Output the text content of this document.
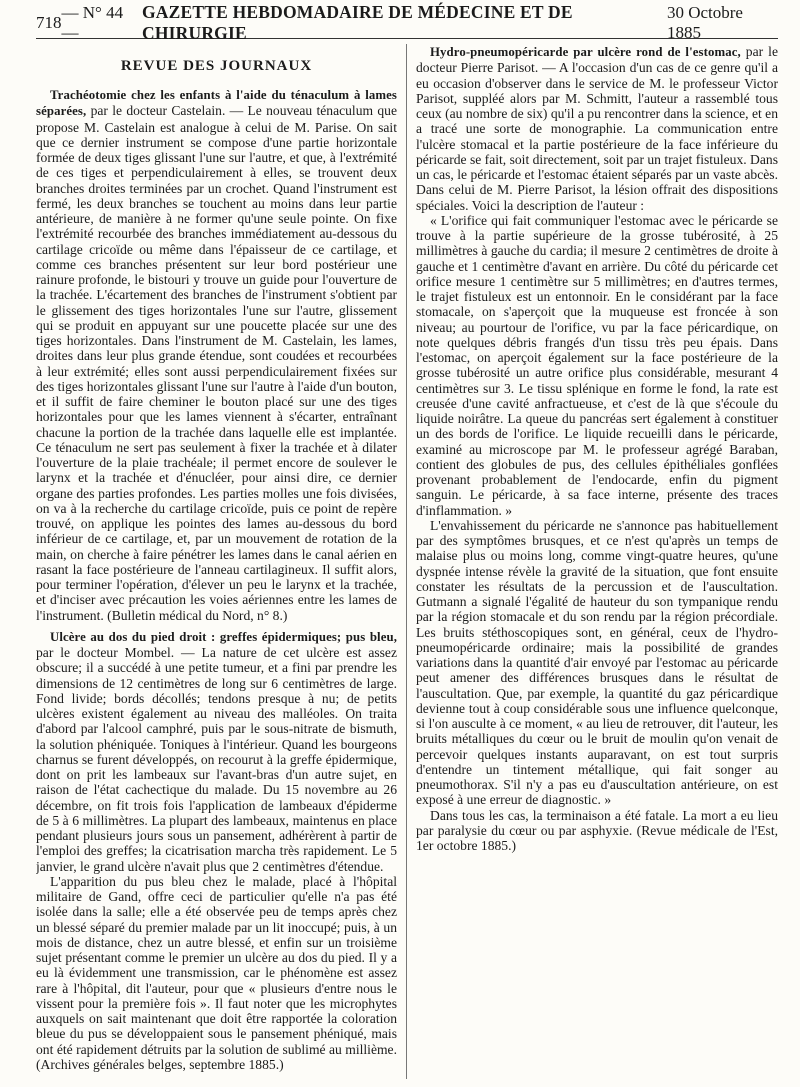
718
— N° 44 —
GAZETTE HEBDOMADAIRE DE MÉDECINE ET DE CHIRURGIE
30 Octobre 1885
REVUE DES JOURNAUX

Trachéotomie chez les enfants à l'aide du ténaculum à lames séparées, par le docteur Castelain. — Le nouveau ténaculum que propose M. Castelain est analogue à celui de M. Parise. On sait que ce dernier instrument se compose d'une partie horizontale formée de deux tiges glissant l'une sur l'autre, et que, à l'extrémité de ces tiges et perpendiculairement à elles, se trouvent deux branches droites terminées par un crochet. Quand l'instrument est fermé, les deux branches se touchent au moins dans leur partie antérieure, de manière à ne former qu'une seule pointe. On fixe l'extrémité recourbée des branches immédiatement au-dessous du cartilage cricoïde ou même dans l'épaisseur de ce cartilage, et comme ces branches présentent sur leur bord postérieur une rainure profonde, le bistouri y trouve un guide pour l'ouverture de la trachée. L'écartement des branches de l'instrument s'obtient par le glissement des tiges horizontales l'une sur l'autre, glissement qui se produit en appuyant sur une poucette placée sur une des tiges horizontales. Dans l'instrument de M. Castelain, les lames, droites dans leur plus grande étendue, sont coudées et recourbées à leur extrémité; elles sont aussi perpendiculairement fixées sur des tiges horizontales glissant l'une sur l'autre à l'aide d'un bouton, et il suffit de faire cheminer le bouton placé sur une des tiges horizontales pour que les lames viennent à s'écarter, entraînant chacune la portion de la trachée dans laquelle elle est implantée. Ce ténaculum ne sert pas seulement à fixer la trachée et à dilater l'ouverture de la plaie trachéale; il permet encore de soulever le larynx et la trachée et d'énucléer, pour ainsi dire, ce dernier organe des parties profondes. Les parties molles une fois divisées, on va à la recherche du cartilage cricoïde, puis ce point de repère trouvé, on applique les pointes des lames au-dessous du bord inférieur de ce cartilage, et, par un mouvement de rotation de la main, on cherche à faire pénétrer les lames dans le canal aérien en rasant la face postérieure de l'anneau cartilagineux. Il suffit alors, pour terminer l'opération, d'élever un peu le larynx et la trachée, et d'inciser avec précaution les voies aériennes entre les lames de l'instrument. (Bulletin médical du Nord, n° 8.)

Ulcère au dos du pied droit : greffes épidermiques; pus bleu, par le docteur Mombel. — La nature de cet ulcère est assez obscure; il a succédé à une petite tumeur, et a fini par prendre les dimensions de 12 centimètres de long sur 6 centimètres de large. Fond livide; bords décollés; tendons presque à nu; de petits ulcères existent également au niveau des malléoles. On traita d'abord par l'alcool camphré, puis par le sous-nitrate de bismuth, la solution phéniquée. Toniques à l'intérieur. Quand les bourgeons charnus se furent développés, on recourut à la greffe épidermique, dont on prit les lambeaux sur l'avant-bras d'un autre sujet, en raison de l'état cachectique du malade. Du 15 novembre au 26 décembre, on fit trois fois l'application de lambeaux d'épiderme de 5 à 6 millimètres. La plupart des lambeaux, maintenus en place pendant plusieurs jours sous un pansement, adhérèrent à partir de l'emploi des greffes; la cicatrisation marcha très rapidement. Le 5 janvier, le grand ulcère n'avait plus que 2 centimètres d'étendue.

L'apparition du pus bleu chez le malade, placé à l'hôpital militaire de Gand, offre ceci de particulier qu'elle n'a pas été isolée dans la salle; elle a été observée peu de temps après chez un blessé séparé du premier malade par un lit inoccupé; puis, à un mois de distance, chez un autre blessé, et enfin sur un troisième sujet présentant comme le premier un ulcère au dos du pied. Il y a eu là évidemment une transmission, car le phénomène est assez rare à l'hôpital, dit l'auteur, pour que « plusieurs d'entre nous le vissent pour la première fois ». Il faut noter que les microphytes auxquels on sait maintenant que doit être rapportée la coloration bleue du pus se développaient sous le pansement phéniqué, mais ont été rapidement détruits par la solution de sublimé au millième. (Archives générales belges, septembre 1885.)

Hydro-pneumopéricarde par ulcère rond de l'estomac, par le docteur Pierre Parisot. — A l'occasion d'un cas de ce genre qu'il a eu occasion d'observer dans le service de M. le professeur Victor Parisot, suppléé alors par M. Schmitt, l'auteur a rassemblé tous ceux (au nombre de six) qu'il a pu rencontrer dans la science, et en a tracé une sorte de monographie. La communication entre l'ulcère stomacal et la partie postérieure de la face inférieure du péricarde se fait, soit directement, soit par un trajet fistuleux. Dans un cas, le péricarde et l'estomac étaient séparés par un vaste abcès. Dans celui de M. Pierre Parisot, la lésion offrait des dispositions spéciales. Voici la description de l'auteur :

« L'orifice qui fait communiquer l'estomac avec le péricarde se trouve à la partie supérieure de la grosse tubérosité, à 25 millimètres à gauche du cardia; il mesure 2 centimètres de droite à gauche et 1 centimètre d'avant en arrière. Du côté du péricarde cet orifice mesure 1 centimètre sur 5 millimètres; en d'autres termes, le trajet fistuleux est un entonnoir. En le considérant par la face stomacale, on s'aperçoit que la muqueuse est froncée à son niveau; au pourtour de l'orifice, vu par la face péricardique, on note quelques débris frangés d'un tissu très peu épais. Dans l'estomac, on aperçoit également sur la face postérieure de la grosse tubérosité un autre orifice plus considérable, mesurant 4 centimètres sur 3. Le tissu splénique en forme le fond, la rate est creusée d'une cavité anfractueuse, et c'est de là que s'écoule du liquide noirâtre. La queue du pancréas sert également à constituer un des bords de l'orifice. Le liquide recueilli dans le péricarde, examiné au microscope par M. le professeur agrégé Baraban, contient des globules de pus, des cellules épithéliales gonflées provenant probablement de l'endocarde, enfin du pigment sanguin. Le péricarde, à sa face interne, présente des traces d'inflammation. »

L'envahissement du péricarde ne s'annonce pas habituellement par des symptômes brusques, et ce n'est qu'après un temps de malaise plus ou moins long, comme vingt-quatre heures, qu'une dyspnée intense révèle la gravité de la situation, que font ensuite constater les résultats de la percussion et de l'auscultation. Gutmann a signalé l'égalité de hauteur du son tympanique rendu par la région stomacale et du son rendu par la région précordiale. Les bruits stéthoscopiques sont, en général, ceux de l'hydro-pneumopéricarde ordinaire; mais la possibilité de grandes variations dans la quantité d'air envoyé par l'estomac au péricarde peut amener des différences brusques dans le résultat de l'auscultation. Que, par exemple, la quantité du gaz péricardique devienne tout à coup considérable sous une influence quelconque, si l'on ausculte à ce moment, « au lieu de retrouver, dit l'auteur, les bruits métalliques du cœur ou le bruit de moulin qu'on venait de percevoir quelques instants auparavant, on est tout surpris d'entendre un tintement métallique, qui fait songer au pneumothorax. S'il n'y a pas eu d'auscultation antérieure, on est exposé à une erreur de diagnostic. »

Dans tous les cas, la terminaison a été fatale. La mort a eu lieu par paralysie du cœur ou par asphyxie. (Revue médicale de l'Est, 1er octobre 1885.)
